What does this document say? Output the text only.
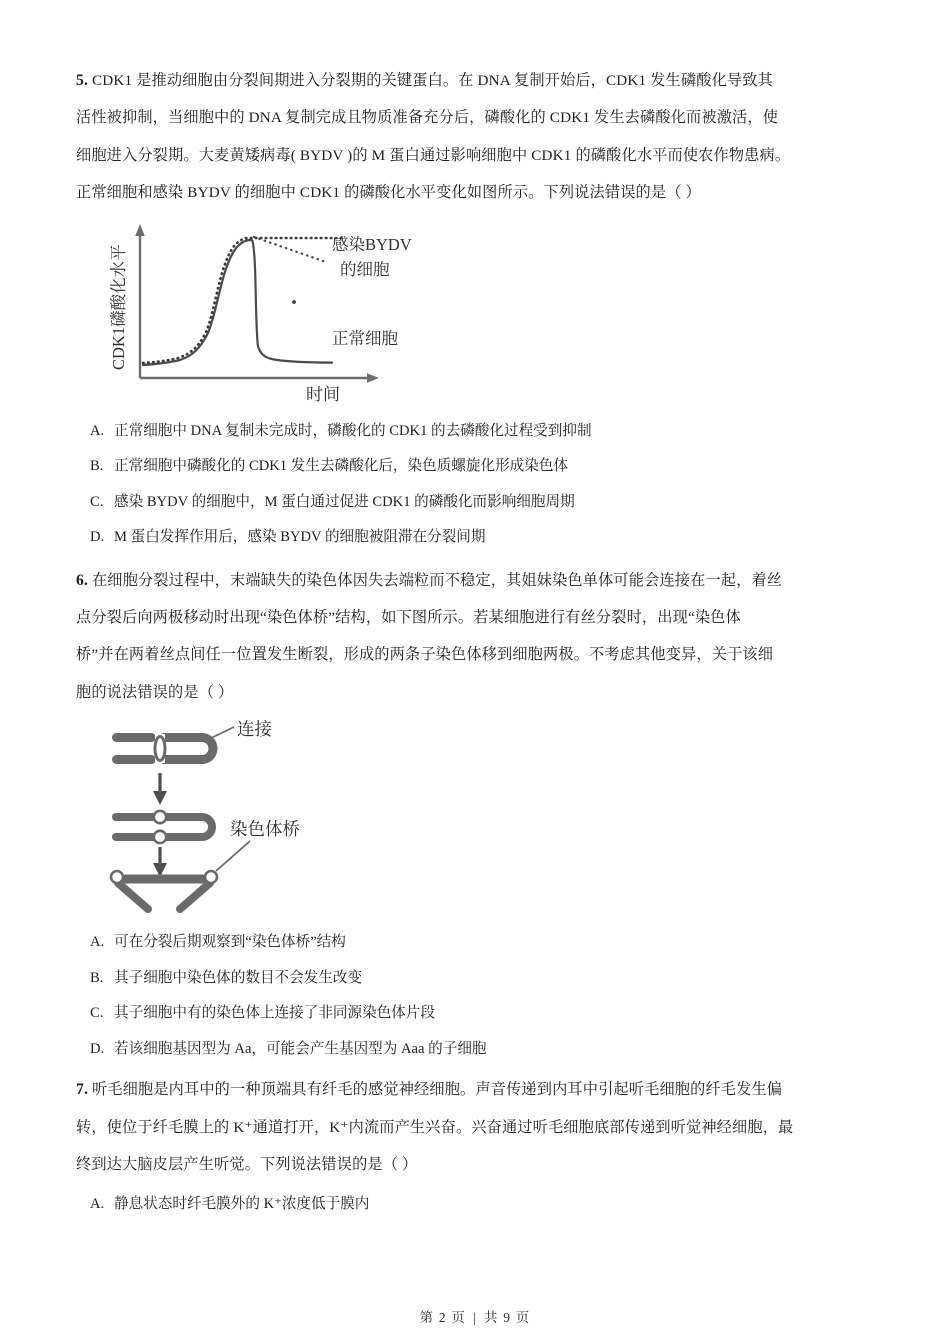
5. CDK1 是推动细胞由分裂间期进入分裂期的关键蛋白。在 DNA 复制开始后，CDK1 发生磷酸化导致其
活性被抑制，当细胞中的 DNA 复制完成且物质准备充分后，磷酸化的 CDK1 发生去磷酸化而被激活，使
细胞进入分裂期。大麦黄矮病毒( BYDV )的 M 蛋白通过影响细胞中 CDK1 的磷酸化水平而使农作物患病。
正常细胞和感染 BYDV 的细胞中 CDK1 的磷酸化水平变化如图所示。下列说法错误的是（ ）
CDK1磷酸化水平
时间
感染BYDV
的细胞
正常细胞
A. 正常细胞中 DNA 复制未完成时，磷酸化的 CDK1 的去磷酸化过程受到抑制
B. 正常细胞中磷酸化的 CDK1 发生去磷酸化后，染色质螺旋化形成染色体
C. 感染 BYDV 的细胞中，M 蛋白通过促进 CDK1 的磷酸化而影响细胞周期
D. M 蛋白发挥作用后，感染 BYDV 的细胞被阻滞在分裂间期
6. 在细胞分裂过程中，末端缺失的染色体因失去端粒而不稳定，其姐妹染色单体可能会连接在一起，着丝
点分裂后向两极移动时出现“染色体桥”结构，如下图所示。若某细胞进行有丝分裂时，出现“染色体
桥”并在两着丝点间任一位置发生断裂，形成的两条子染色体移到细胞两极。不考虑其他变异，关于该细
胞的说法错误的是（ ）
连接
染色体桥
A. 可在分裂后期观察到“染色体桥”结构
B. 其子细胞中染色体的数目不会发生改变
C. 其子细胞中有的染色体上连接了非同源染色体片段
D. 若该细胞基因型为 Aa，可能会产生基因型为 Aaa 的子细胞
7. 听毛细胞是内耳中的一种顶端具有纤毛的感觉神经细胞。声音传递到内耳中引起听毛细胞的纤毛发生偏
转，使位于纤毛膜上的 K⁺通道打开，K⁺内流而产生兴奋。兴奋通过听毛细胞底部传递到听觉神经细胞，最
终到达大脑皮层产生听觉。下列说法错误的是（ ）
A. 静息状态时纤毛膜外的 K⁺浓度低于膜内
第 2 页 | 共 9 页
